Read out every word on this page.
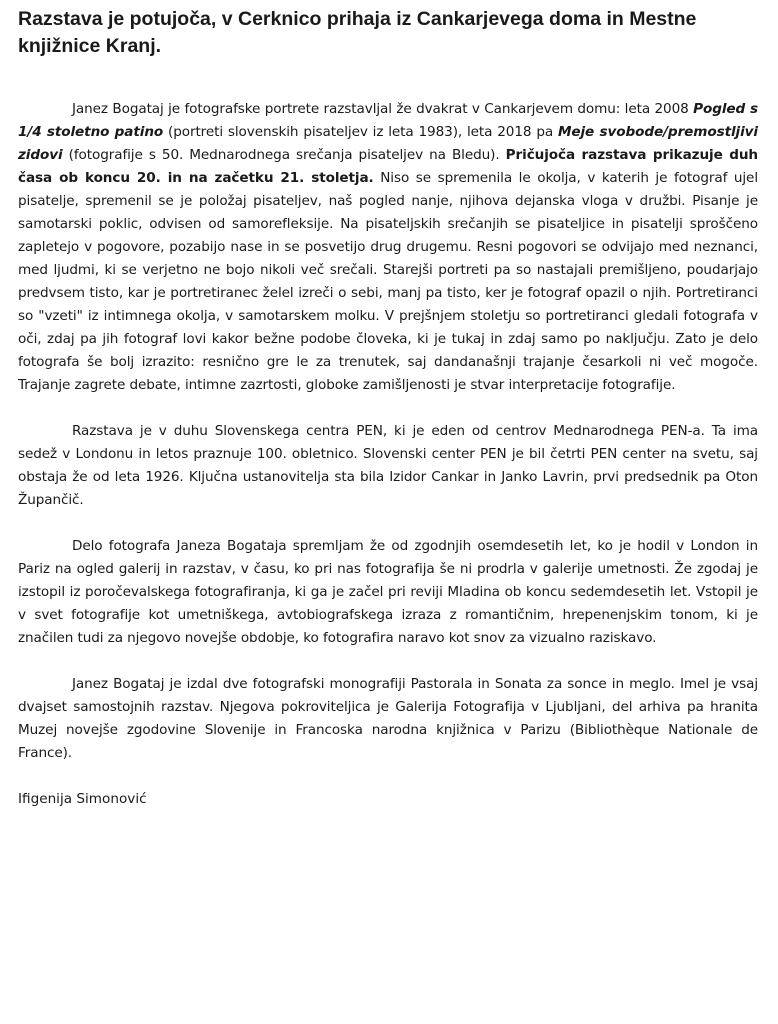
Razstava je potujoča, v Cerknico prihaja iz Cankarjevega doma in Mestne knjižnice Kranj.

Janez Bogataj je fotografske portrete razstavljal že dvakrat v Cankarjevem domu: leta 2008 Pogled s 1/4 stoletno patino (portreti slovenskih pisateljev iz leta 1983), leta 2018 pa Meje svobode/premostljivi zidovi (fotografije s 50. Mednarodnega srečanja pisateljev na Bledu). Pričujoča razstava prikazuje duh časa ob koncu 20. in na začetku 21. stoletja. Niso se spremenila le okolja, v katerih je fotograf ujel pisatelje, spremenil se je položaj pisateljev, naš pogled nanje, njihova dejanska vloga v družbi. Pisanje je samotarski poklic, odvisen od samorefleksije. Na pisateljskih srečanjih se pisateljice in pisatelji sproščeno zapletejo v pogovore, pozabijo nase in se posvetijo drug drugemu. Resni pogovori se odvijajo med neznanci, med ljudmi, ki se verjetno ne bojo nikoli več srečali. Starejši portreti pa so nastajali premišljeno, poudarjajo predvsem tisto, kar je portretiranec želel izreči o sebi, manj pa tisto, ker je fotograf opazil o njih. Portretiranci so "vzeti" iz intimnega okolja, v samotarskem molku. V prejšnjem stoletju so portretiranci gledali fotografa v oči, zdaj pa jih fotograf lovi kakor bežne podobe človeka, ki je tukaj in zdaj samo po naključju. Zato je delo fotografa še bolj izrazito: resnično gre le za trenutek, saj dandanašnji trajanje česarkoli ni več mogoče. Trajanje zagrete debate, intimne zazrtosti, globoke zamišljenosti je stvar interpretacije fotografije.

Razstava je v duhu Slovenskega centra PEN, ki je eden od centrov Mednarodnega PEN-a. Ta ima sedež v Londonu in letos praznuje 100. obletnico. Slovenski center PEN je bil četrti PEN center na svetu, saj obstaja že od leta 1926. Ključna ustanovitelja sta bila Izidor Cankar in Janko Lavrin, prvi predsednik pa Oton Župančič.

Delo fotografa Janeza Bogataja spremljam že od zgodnjih osemdesetih let, ko je hodil v London in Pariz na ogled galerij in razstav, v času, ko pri nas fotografija še ni prodrla v galerije umetnosti. Že zgodaj je izstopil iz poročevalskega fotografiranja, ki ga je začel pri reviji Mladina ob koncu sedemdesetih let. Vstopil je v svet fotografije kot umetniškega, avtobiografskega izraza z romantičnim, hrepenenjskim tonom, ki je značilen tudi za njegovo novejše obdobje, ko fotografira naravo kot snov za vizualno raziskavo.

Janez Bogataj je izdal dve fotografski monografiji Pastorala in Sonata za sonce in meglo. Imel je vsaj dvajset samostojnih razstav. Njegova pokroviteljica je Galerija Fotografija v Ljubljani, del arhiva pa hranita Muzej novejše zgodovine Slovenije in Francoska narodna knjižnica v Parizu (Bibliothèque Nationale de France).

Ifigenija Simonović
